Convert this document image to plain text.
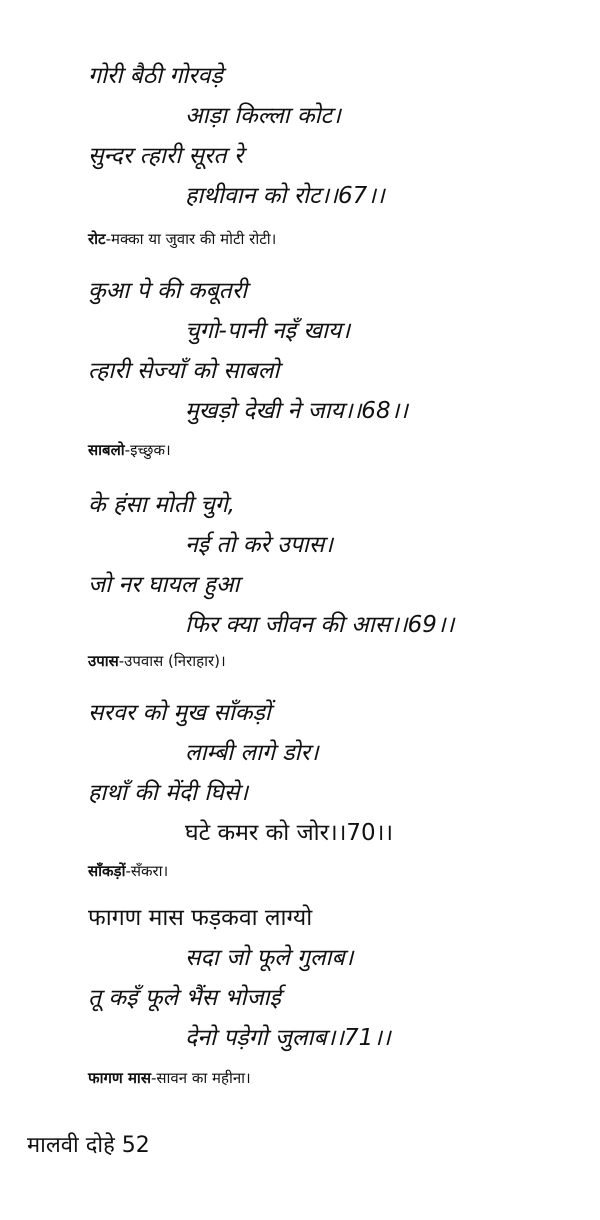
गोरी बैठी गोरवड़े
आड़ा किल्ला कोट।
सुन्दर त्हारी सूरत रे
हाथीवान को रोट।।67।।
रोट-मक्का या जुवार की मोटी रोटी।
कुआ पे की कबूतरी
चुगो-पानी नइँ खाय।
त्हारी सेज्याँ को साबलो
मुखड़ो देखी ने जाय।।68।।
साबलो-इच्छुक।
के हंसा मोती चुगे,
नई तो करे उपास।
जो नर घायल हुआ
फिर क्या जीवन की आस।।69।।
उपास-उपवास (निराहार)।
सरवर को मुख साँकड़ों
लाम्बी लागे डोर।
हाथाँ की मेंदी घिसे।
घटे कमर को जोर।।70।।
साँकड़ों-सँकरा।
फागण मास फड़कवा लाग्यो
सदा जो फूले गुलाब।
तू कइँ फूले भैंस भोजाई
देनो पड़ेगो जुलाब।।71।।
फागण मास-सावन का महीना।
मालवी दोहे 52
